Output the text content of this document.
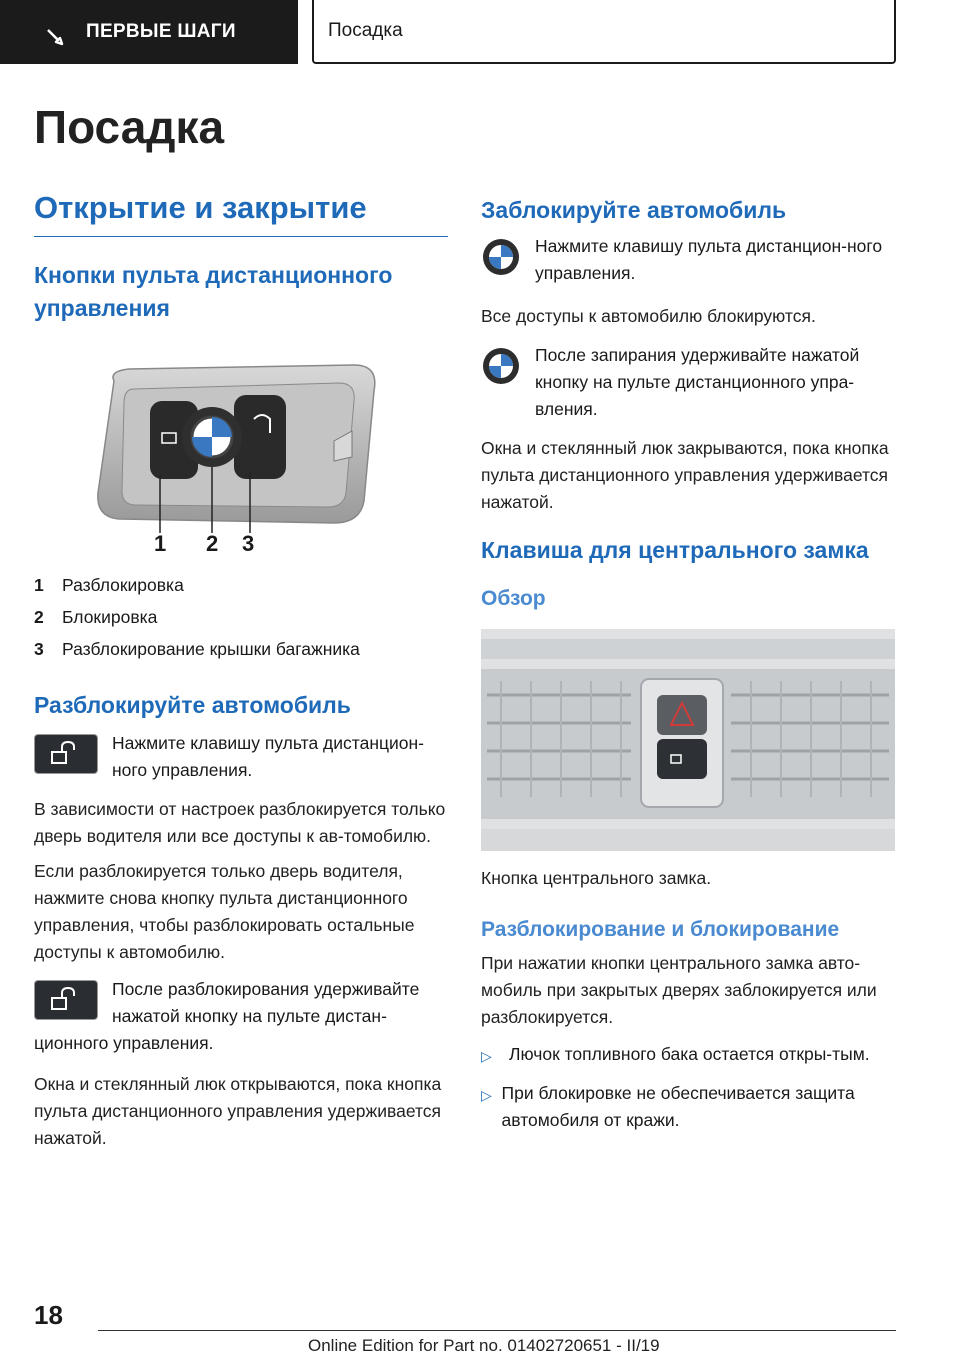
ПЕРВЫЕ ШАГИ	Посадка
Посадка
Открытие и закрытие
Кнопки пульта дистанционного управления
1 2 3
1	Разблокировка
2	Блокировка
3	Разблокирование крышки багажника
Разблокируйте автомобиль
Нажмите клавишу пульта дистанцион-ного управления.

В зависимости от настроек разблокируется только дверь водителя или все доступы к ав-томобилю.

Если разблокируется только дверь водителя, нажмите снова кнопку пульта дистанционного управления, чтобы разблокировать остальные доступы к автомобилю.

После разблокирования удерживайте нажатой кнопку на пульте дистан-ционного управления.

Окна и стеклянный люк открываются, пока кнопка пульта дистанционного управления удерживается нажатой.

Заблокируйте автомобиль
Нажмите клавишу пульта дистанцион-ного управления.

Все доступы к автомобилю блокируются.

После запирания удерживайте нажатой кнопку на пульте дистанционного упра-вления.

Окна и стеклянный люк закрываются, пока кнопка пульта дистанционного управления удерживается нажатой.

Клавиша для центрального замка
Обзор

Кнопка центрального замка.

Разблокирование и блокирование

При нажатии кнопки центрального замка авто-мобиль при закрытых дверях заблокируется или разблокируется.

▷ Лючок топливного бака остается откры-тым.
▷ При блокировке не обеспечивается защита автомобиля от кражи.
18
Online Edition for Part no. 01402720651 - II/19
